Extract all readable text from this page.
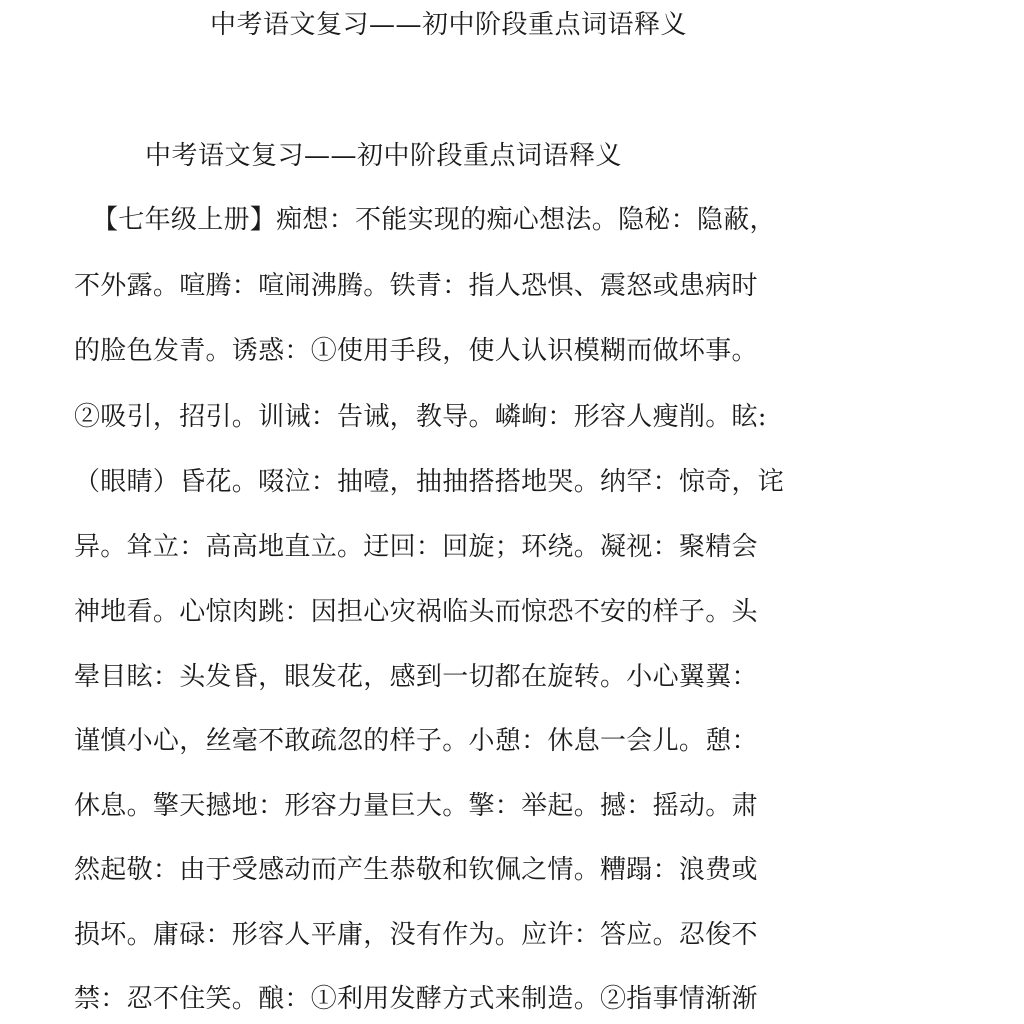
中考语文复习——初中阶段重点词语释义
中考语文复习——初中阶段重点词语释义
【七年级上册】痴想：不能实现的痴心想法。隐秘：隐蔽，
不外露。喧腾：喧闹沸腾。铁青：指人恐惧、震怒或患病时
的脸色发青。诱惑：①使用手段，使人认识模糊而做坏事。
②吸引，招引。训诫：告诫，教导。嶙峋：形容人瘦削。眩:
（眼睛）昏花。啜泣：抽噎，抽抽搭搭地哭。纳罕：惊奇，诧
异。耸立：高高地直立。迂回：回旋；环绕。凝视：聚精会
神地看。心惊肉跳：因担心灾祸临头而惊恐不安的样子。头
晕目眩：头发昏，眼发花，感到一切都在旋转。小心翼翼：
谨慎小心，丝毫不敢疏忽的样子。小憩：休息一会儿。憩：
休息。擎天撼地：形容力量巨大。擎：举起。撼：摇动。肃
然起敬：由于受感动而产生恭敬和钦佩之情。糟蹋：浪费或
损坏。庸碌：形容人平庸，没有作为。应许：答应。忍俊不
禁：忍不住笑。酿：①利用发酵方式来制造。②指事情渐渐
